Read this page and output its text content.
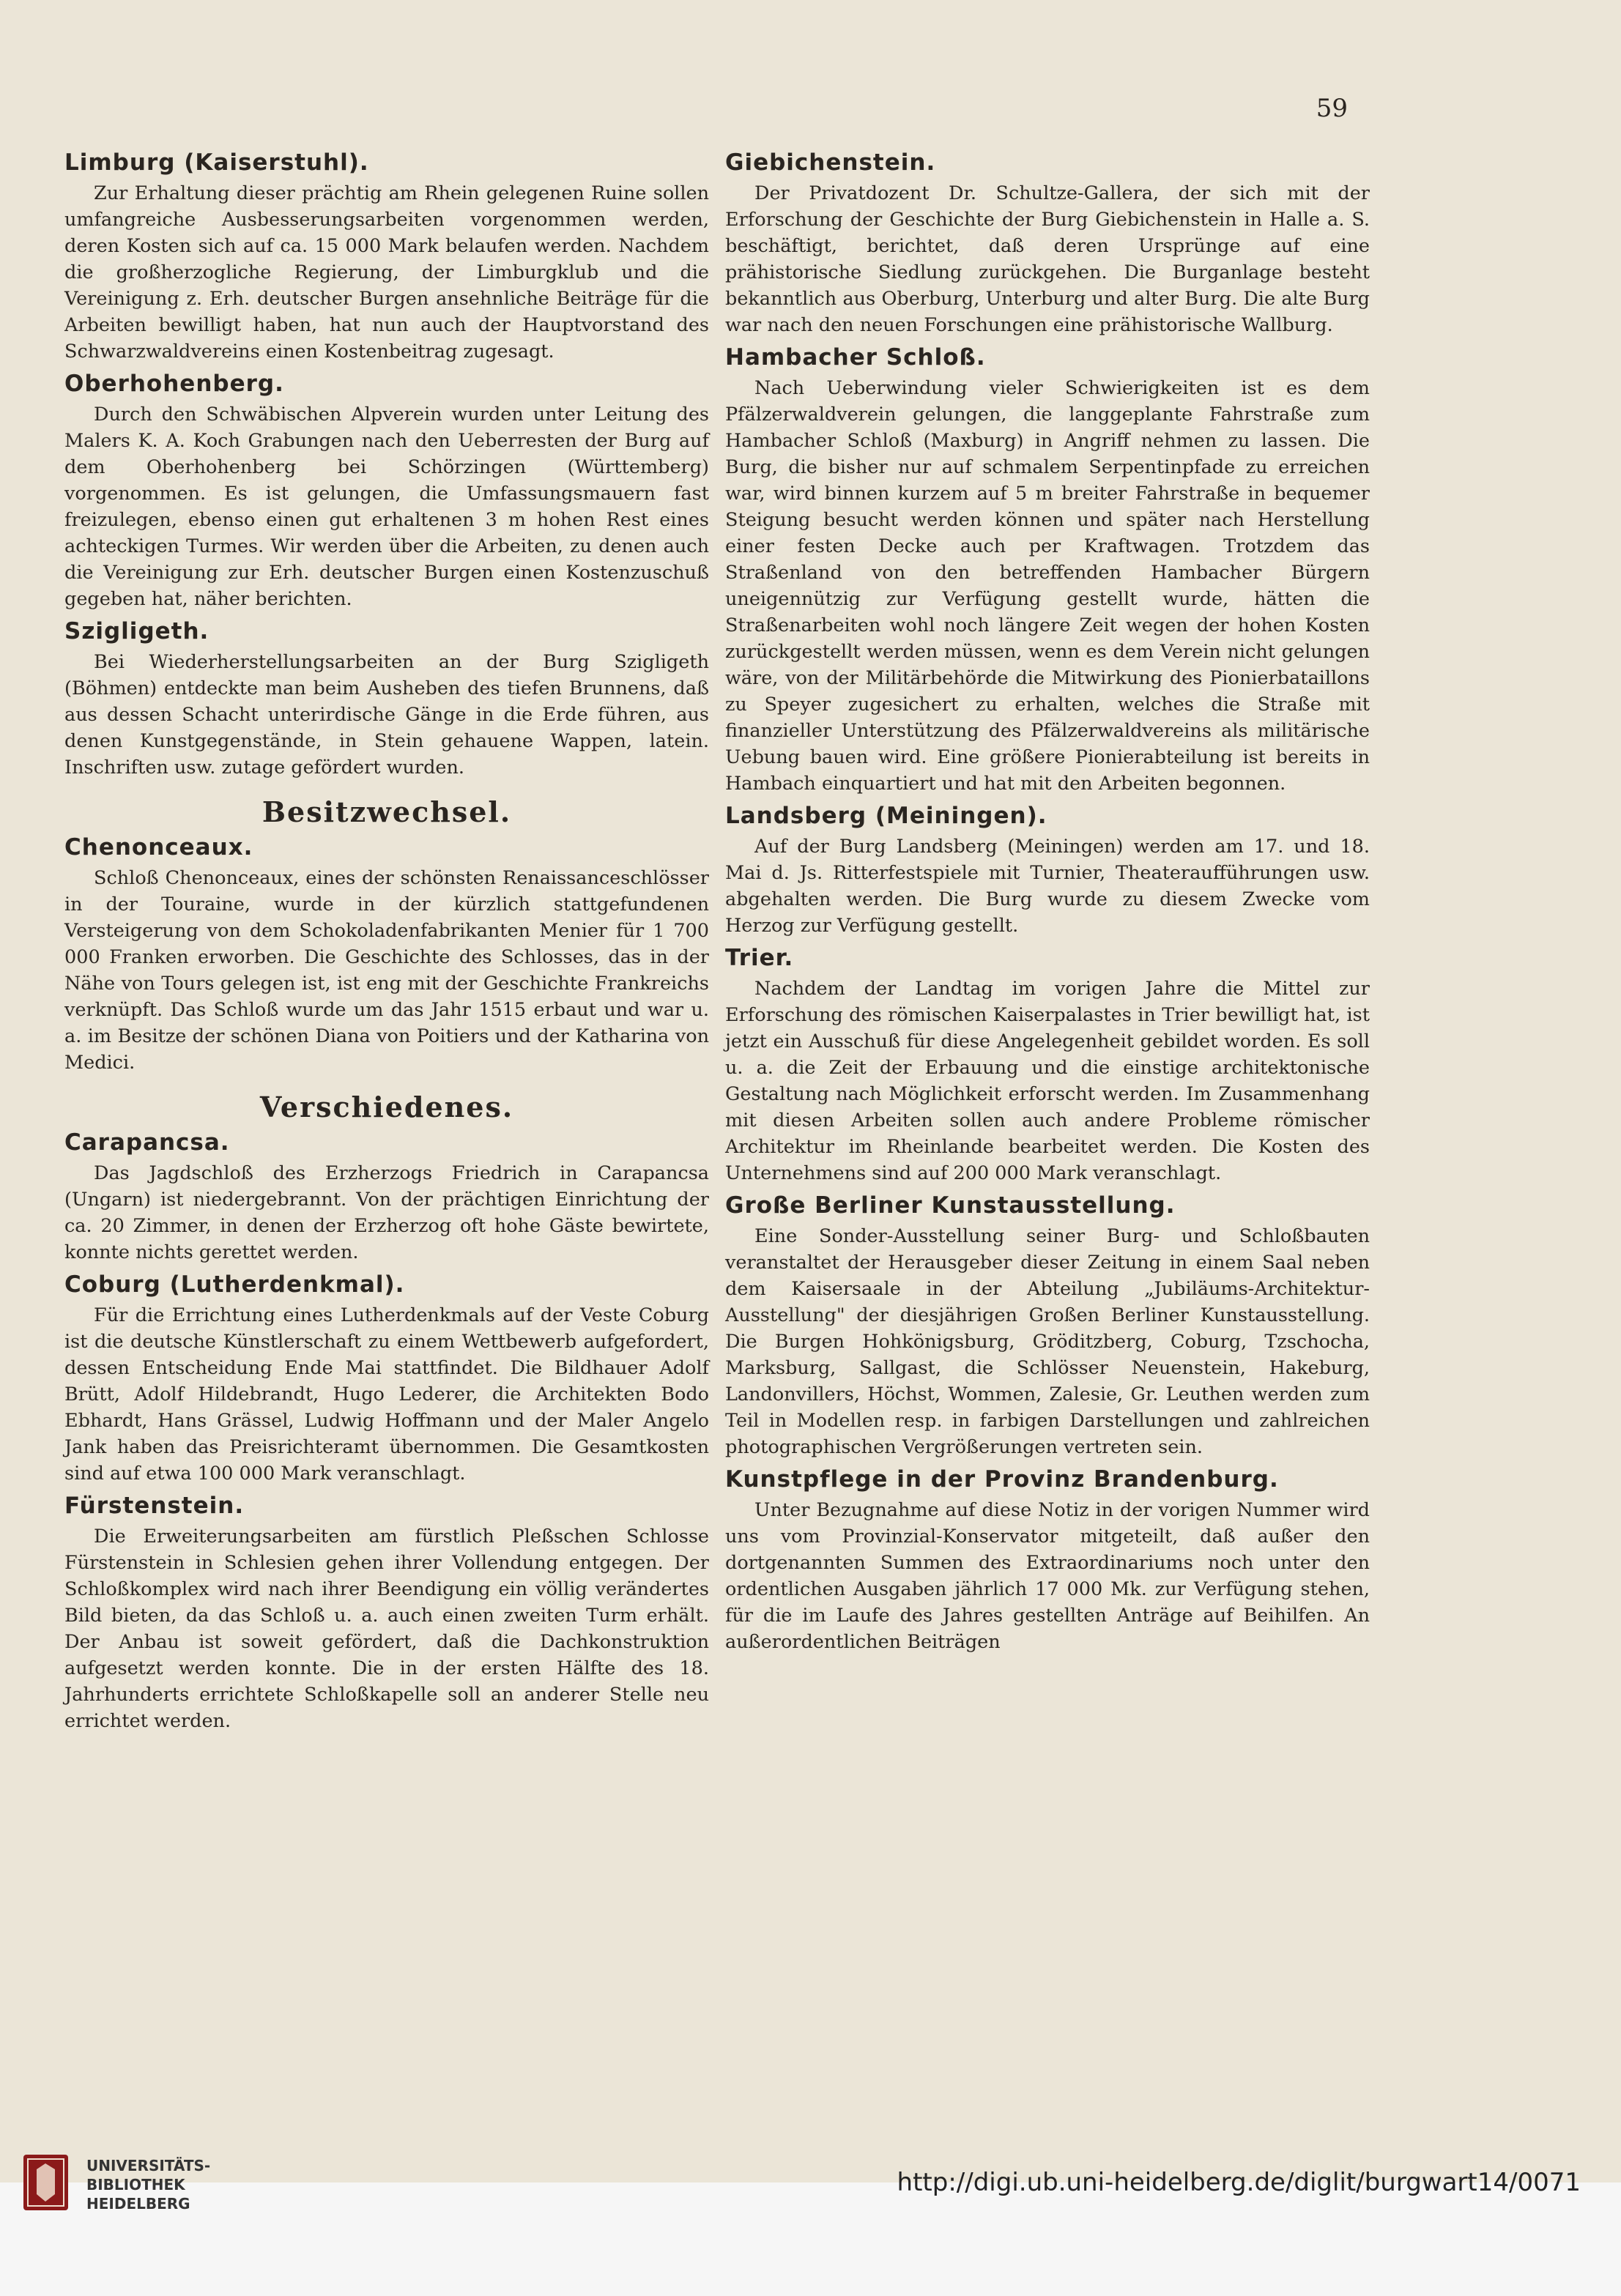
59
Limburg (Kaiserstuhl).

Zur Erhaltung dieser prächtig am Rhein gelegenen Ruine sollen umfangreiche Ausbesserungsarbeiten vorgenommen werden, deren Kosten sich auf ca. 15 000 Mark belaufen werden. Nachdem die großherzogliche Regierung, der Limburgklub und die Vereinigung z. Erh. deutscher Burgen ansehnliche Beiträge für die Arbeiten bewilligt haben, hat nun auch der Hauptvorstand des Schwarzwaldvereins einen Kostenbeitrag zugesagt.

Oberhohenberg.

Durch den Schwäbischen Alpverein wurden unter Leitung des Malers K. A. Koch Grabungen nach den Ueberresten der Burg auf dem Oberhohenberg bei Schörzingen (Württemberg) vorgenommen. Es ist gelungen, die Umfassungsmauern fast freizulegen, ebenso einen gut erhaltenen 3 m hohen Rest eines achteckigen Turmes. Wir werden über die Arbeiten, zu denen auch die Vereinigung zur Erh. deutscher Burgen einen Kostenzuschuß gegeben hat, näher berichten.

Szigligeth.

Bei Wiederherstellungsarbeiten an der Burg Szigligeth (Böhmen) entdeckte man beim Ausheben des tiefen Brunnens, daß aus dessen Schacht unterirdische Gänge in die Erde führen, aus denen Kunstgegenstände, in Stein gehauene Wappen, latein. Inschriften usw. zutage gefördert wurden.

Besitzwechsel.
Chenonceaux.

Schloß Chenonceaux, eines der schönsten Renaissanceschlösser in der Touraine, wurde in der kürzlich stattgefundenen Versteigerung von dem Schokoladenfabrikanten Menier für 1 700 000 Franken erworben. Die Geschichte des Schlosses, das in der Nähe von Tours gelegen ist, ist eng mit der Geschichte Frankreichs verknüpft. Das Schloß wurde um das Jahr 1515 erbaut und war u. a. im Besitze der schönen Diana von Poitiers und der Katharina von Medici.

Verschiedenes.
Carapancsa.

Das Jagdschloß des Erzherzogs Friedrich in Carapancsa (Ungarn) ist niedergebrannt. Von der prächtigen Einrichtung der ca. 20 Zimmer, in denen der Erzherzog oft hohe Gäste bewirtete, konnte nichts gerettet werden.

Coburg (Lutherdenkmal).

Für die Errichtung eines Lutherdenkmals auf der Veste Coburg ist die deutsche Künstlerschaft zu einem Wettbewerb aufgefordert, dessen Entscheidung Ende Mai stattfindet. Die Bildhauer Adolf Brütt, Adolf Hildebrandt, Hugo Lederer, die Architekten Bodo Ebhardt, Hans Grässel, Ludwig Hoffmann und der Maler Angelo Jank haben das Preisrichteramt übernommen. Die Gesamtkosten sind auf etwa 100 000 Mark veranschlagt.

Fürstenstein.

Die Erweiterungsarbeiten am fürstlich Pleßschen Schlosse Fürstenstein in Schlesien gehen ihrer Vollendung entgegen. Der Schloßkomplex wird nach ihrer Beendigung ein völlig verändertes Bild bieten, da das Schloß u. a. auch einen zweiten Turm erhält. Der Anbau ist soweit gefördert, daß die Dachkonstruktion aufgesetzt werden konnte. Die in der ersten Hälfte des 18. Jahrhunderts errichtete Schloßkapelle soll an anderer Stelle neu errichtet werden.

Giebichenstein.

Der Privatdozent Dr. Schultze-Gallera, der sich mit der Erforschung der Geschichte der Burg Giebichenstein in Halle a. S. beschäftigt, berichtet, daß deren Ursprünge auf eine prähistorische Siedlung zurückgehen. Die Burganlage besteht bekanntlich aus Oberburg, Unterburg und alter Burg. Die alte Burg war nach den neuen Forschungen eine prähistorische Wallburg.

Hambacher Schloß.

Nach Ueberwindung vieler Schwierigkeiten ist es dem Pfälzerwaldverein gelungen, die langgeplante Fahrstraße zum Hambacher Schloß (Maxburg) in Angriff nehmen zu lassen. Die Burg, die bisher nur auf schmalem Serpentinpfade zu erreichen war, wird binnen kurzem auf 5 m breiter Fahrstraße in bequemer Steigung besucht werden können und später nach Herstellung einer festen Decke auch per Kraftwagen. Trotzdem das Straßenland von den betreffenden Hambacher Bürgern uneigennützig zur Verfügung gestellt wurde, hätten die Straßenarbeiten wohl noch längere Zeit wegen der hohen Kosten zurückgestellt werden müssen, wenn es dem Verein nicht gelungen wäre, von der Militärbehörde die Mitwirkung des Pionierbataillons zu Speyer zugesichert zu erhalten, welches die Straße mit finanzieller Unterstützung des Pfälzerwaldvereins als militärische Uebung bauen wird. Eine größere Pionierabteilung ist bereits in Hambach einquartiert und hat mit den Arbeiten begonnen.

Landsberg (Meiningen).

Auf der Burg Landsberg (Meiningen) werden am 17. und 18. Mai d. Js. Ritterfestspiele mit Turnier, Theateraufführungen usw. abgehalten werden. Die Burg wurde zu diesem Zwecke vom Herzog zur Verfügung gestellt.

Trier.

Nachdem der Landtag im vorigen Jahre die Mittel zur Erforschung des römischen Kaiserpalastes in Trier bewilligt hat, ist jetzt ein Ausschuß für diese Angelegenheit gebildet worden. Es soll u. a. die Zeit der Erbauung und die einstige architektonische Gestaltung nach Möglichkeit erforscht werden. Im Zusammenhang mit diesen Arbeiten sollen auch andere Probleme römischer Architektur im Rheinlande bearbeitet werden. Die Kosten des Unternehmens sind auf 200 000 Mark veranschlagt.

Große Berliner Kunstausstellung.

Eine Sonder-Ausstellung seiner Burg- und Schloßbauten veranstaltet der Herausgeber dieser Zeitung in einem Saal neben dem Kaisersaale in der Abteilung „Jubiläums-Architektur-Ausstellung" der diesjährigen Großen Berliner Kunstausstellung. Die Burgen Hohkönigsburg, Gröditzberg, Coburg, Tzschocha, Marksburg, Sallgast, die Schlösser Neuenstein, Hakeburg, Landonvillers, Höchst, Wommen, Zalesie, Gr. Leuthen werden zum Teil in Modellen resp. in farbigen Darstellungen und zahlreichen photographischen Vergrößerungen vertreten sein.

Kunstpflege in der Provinz Brandenburg.

Unter Bezugnahme auf diese Notiz in der vorigen Nummer wird uns vom Provinzial-Konservator mitgeteilt, daß außer den dortgenannten Summen des Extraordinariums noch unter den ordentlichen Ausgaben jährlich 17 000 Mk. zur Verfügung stehen, für die im Laufe des Jahres gestellten Anträge auf Beihilfen. An außerordentlichen Beiträgen

UNIVERSITÄTS-
BIBLIOTHEK
HEIDELBERG
http://digi.ub.uni-heidelberg.de/diglit/burgwart14/0071
